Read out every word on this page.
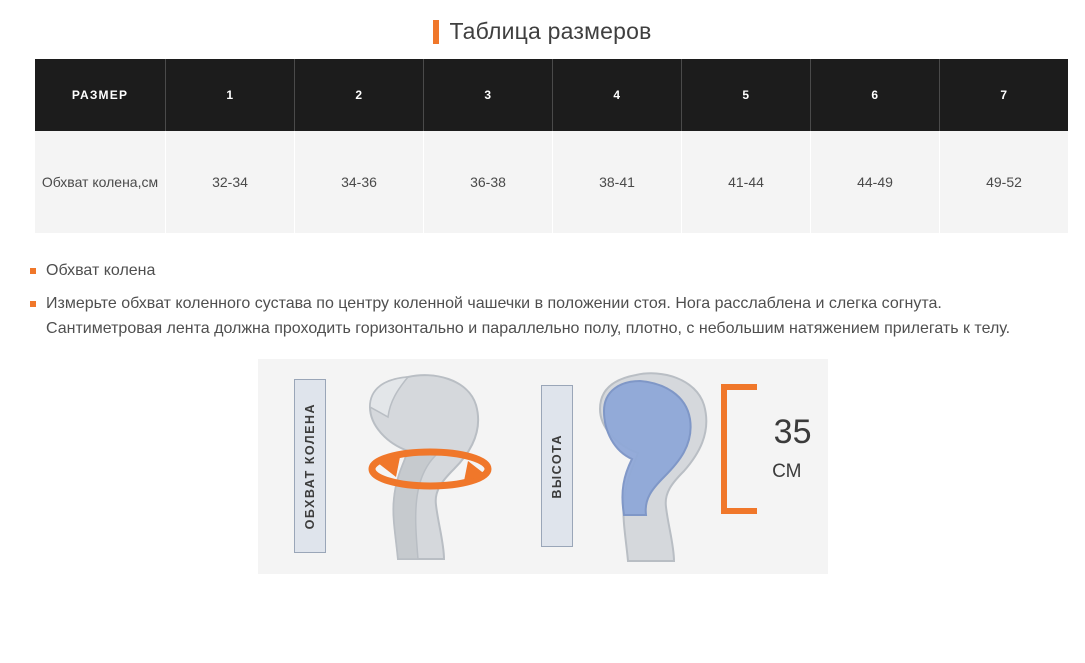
Таблица размеров
РАЗМЕР	1	2	3	4	5	6	7
Обхват колена,см	32-34	34-36	36-38	38-41	41-44	44-49	49-52
Обхват колена
Измерьте обхват коленного сустава по центру коленной чашечки в положении стоя. Нога расслаблена и слегка согнута. Сантиметровая лента должна проходить горизонтально и параллельно полу, плотно, с небольшим натяжением прилегать к телу.
ОБХВАТ КОЛЕНА	ВЫСОТА
35
СМ
